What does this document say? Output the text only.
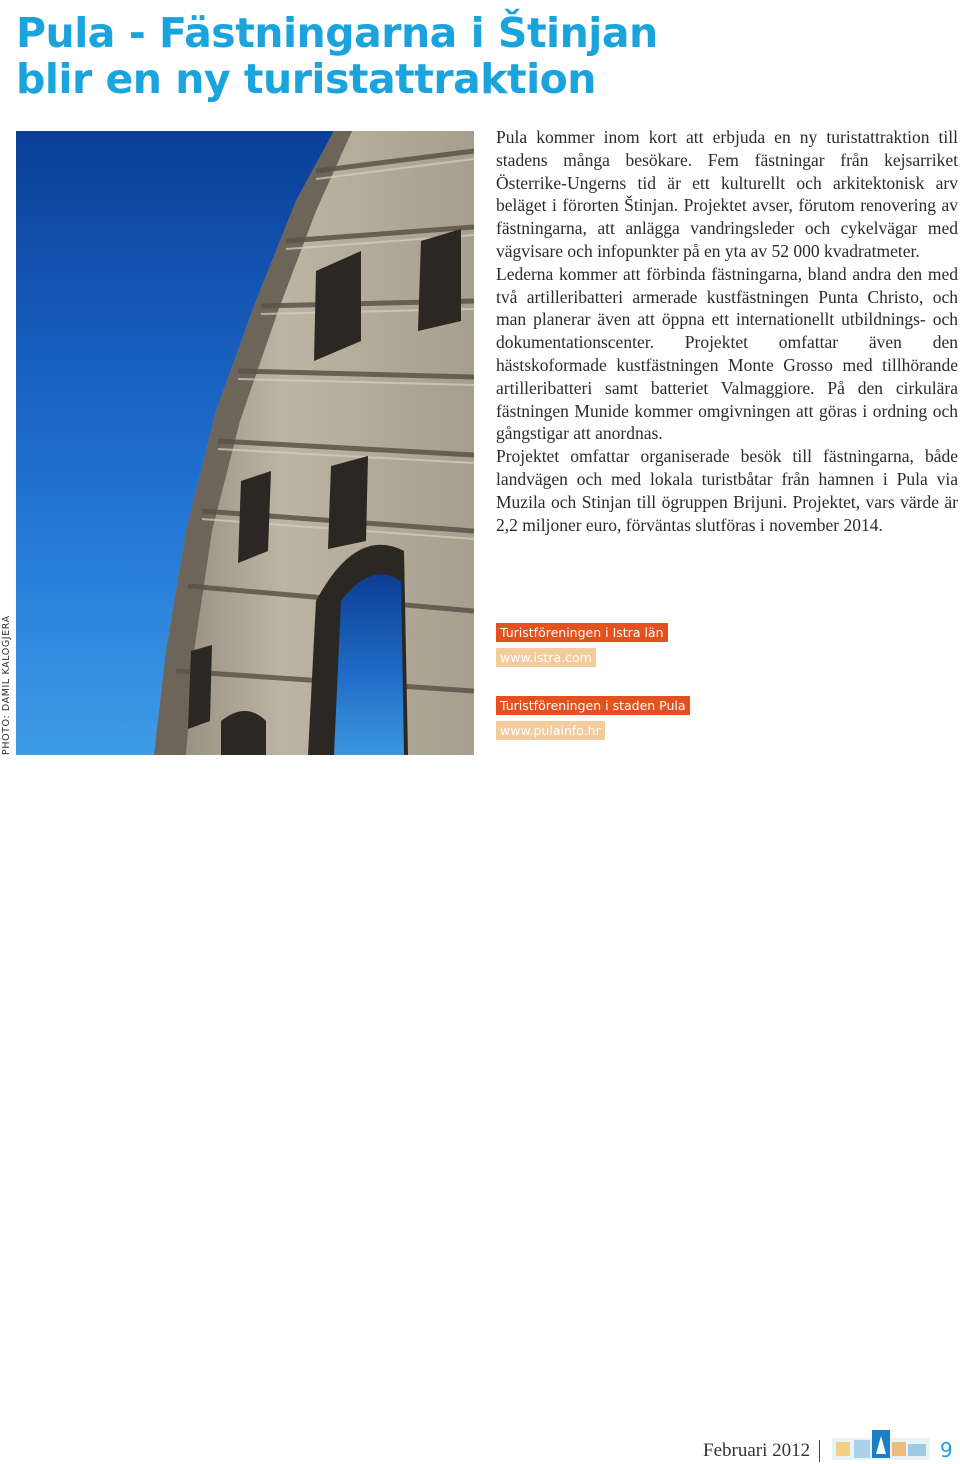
Pula - Fästningarna i Štinjan
blir en ny turistattraktion
PHOTO: DAMIL KALOGJERA

Pula kommer inom kort att erbjuda en ny turistattraktion till stadens många besökare. Fem fästningar från kejsarriket Österrike-Ungerns tid är ett kulturellt och arkitektonisk arv beläget i förorten Štinjan. Projektet avser, förutom renovering av fästningarna, att anlägga vandringsleder och cykelvägar med vägvisare och infopunkter på en yta av 52 000 kvadratmeter.

Lederna kommer att förbinda fästningarna, bland andra den med två artilleribatteri armerade kustfästningen Punta Christo, och man planerar även att öppna ett internationellt utbildnings- och dokumentationscenter. Projektet omfattar även den hästskoformade kustfästningen Monte Grosso med tillhörande artilleribatteri samt batteriet Valmaggiore. På den cirkulära fästningen Munide kommer omgivningen att göras i ordning och gångstigar att anordnas.

Projektet omfattar organiserade besök till fästningarna, både landvägen och med lokala turistbåtar från hamnen i Pula via Muzila och Stinjan till ögruppen Brijuni. Projektet, vars värde är 2,2 miljoner euro, förväntas slutföras i november 2014.

Turistföreningen i Istra län
www.istra.com
Turistföreningen i staden Pula
www.pulainfo.hr
Februari 2012	9
